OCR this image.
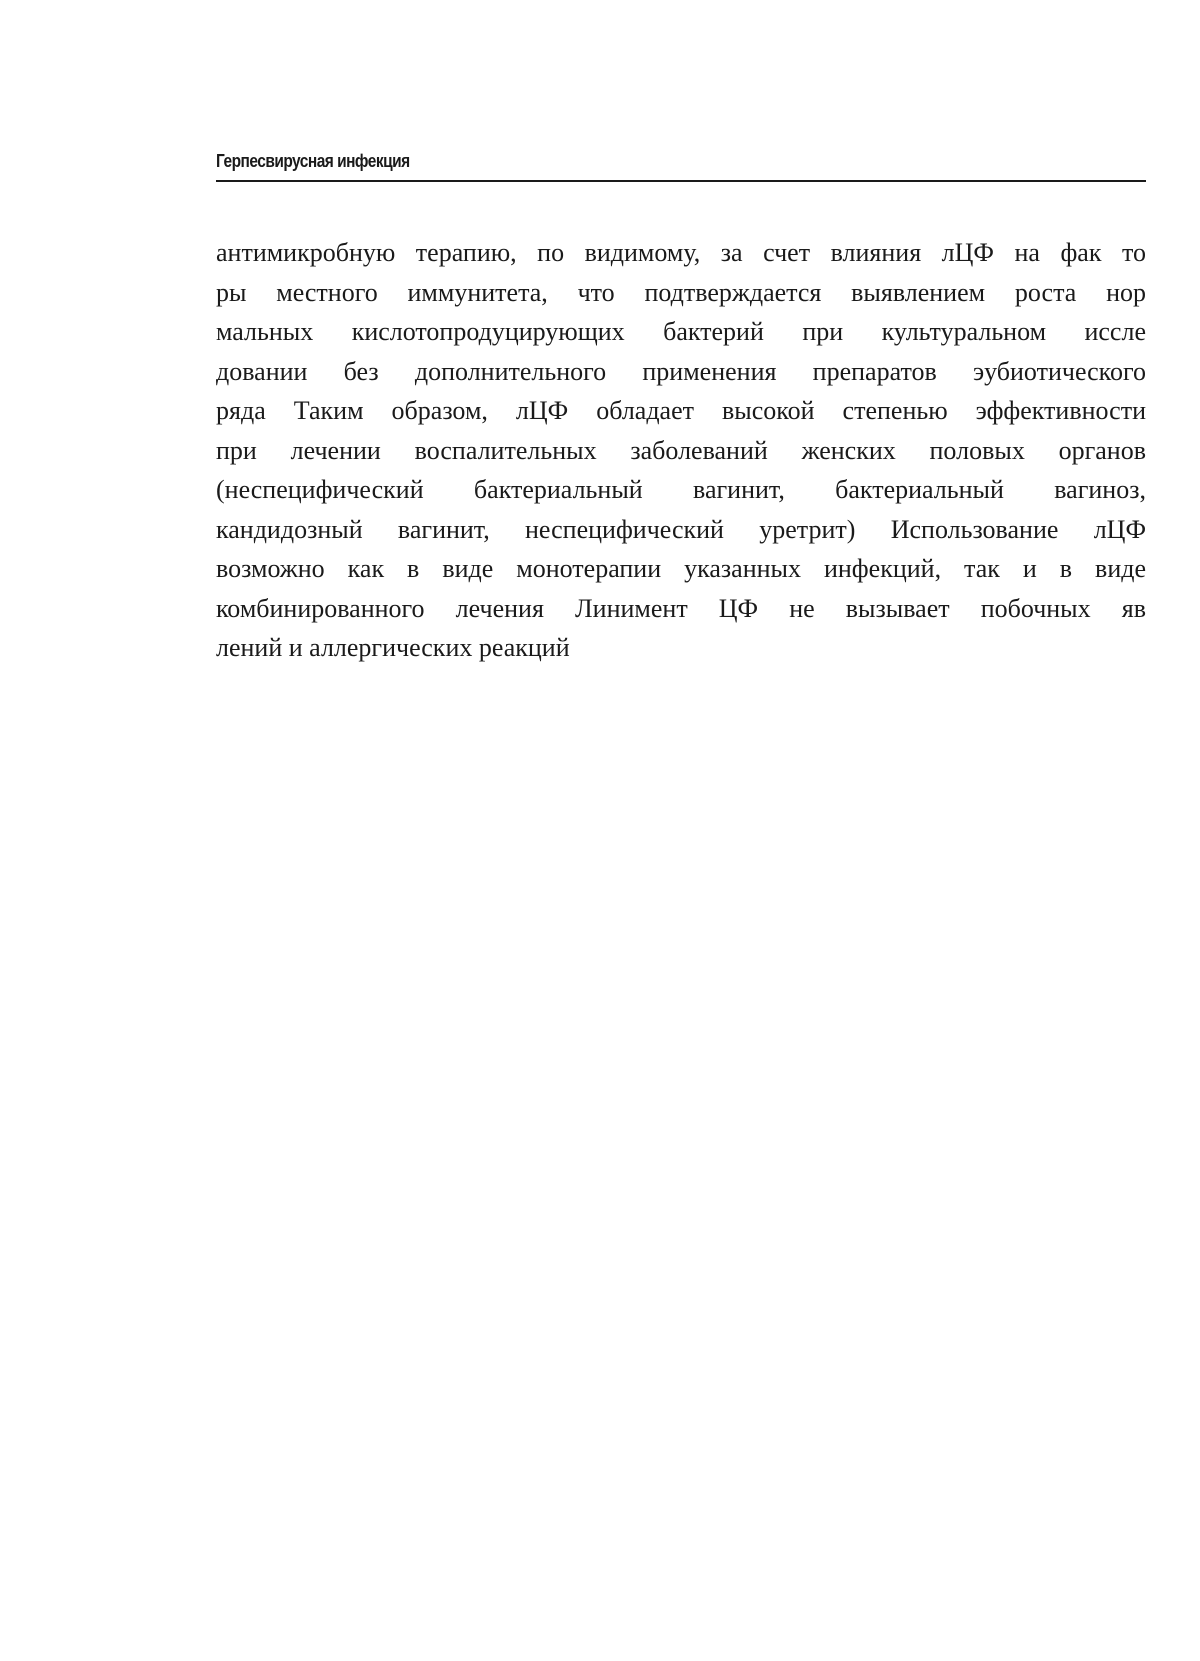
Герпесвирусная инфекция
антимикробную терапию, по видимому, за счет влияния лЦФ на фак то
ры местного иммунитета, что подтверждается выявлением роста нор
мальных кислотопродуцирующих бактерий при культуральном иссле
довании без дополнительного применения препаратов эубиотического
ряда Таким образом, лЦФ обладает высокой степенью эффективности
при лечении воспалительных заболеваний женских половых органов
(неспецифический бактериальный вагинит, бактериальный вагиноз,
кандидозный вагинит, неспецифический уретрит) Использование лЦФ
возможно как в виде монотерапии указанных инфекций, так и в виде
комбинированного лечения Линимент ЦФ не вызывает побочных яв
лений и аллергических реакций
